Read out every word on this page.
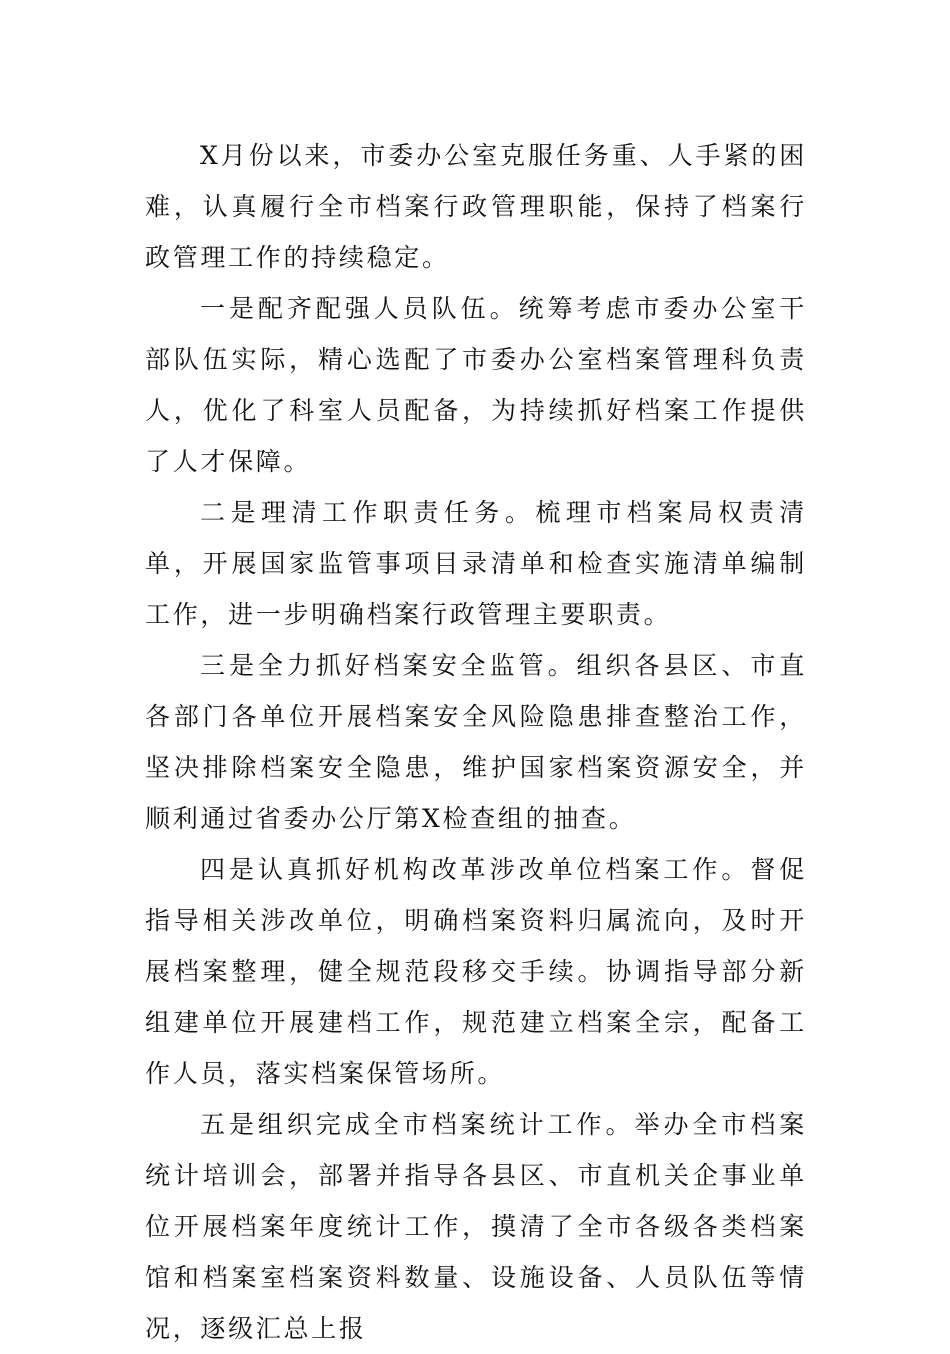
X月份以来，市委办公室克服任务重、人手紧的困难，认真履行全市档案行政管理职能，保持了档案行政管理工作的持续稳定。

一是配齐配强人员队伍。统筹考虑市委办公室干部队伍实际，精心选配了市委办公室档案管理科负责人，优化了科室人员配备，为持续抓好档案工作提供了人才保障。

二是理清工作职责任务。梳理市档案局权责清单，开展国家监管事项目录清单和检查实施清单编制工作，进一步明确档案行政管理主要职责。

三是全力抓好档案安全监管。组织各县区、市直各部门各单位开展档案安全风险隐患排查整治工作，坚决排除档案安全隐患，维护国家档案资源安全，并顺利通过省委办公厅第X检查组的抽查。

四是认真抓好机构改革涉改单位档案工作。督促指导相关涉改单位，明确档案资料归属流向，及时开展档案整理，健全规范段移交手续。协调指导部分新组建单位开展建档工作，规范建立档案全宗，配备工作人员，落实档案保管场所。

五是组织完成全市档案统计工作。举办全市档案统计培训会，部署并指导各县区、市直机关企事业单位开展档案年度统计工作，摸清了全市各级各类档案馆和档案室档案资料数量、设施设备、人员队伍等情况，逐级汇总上报
